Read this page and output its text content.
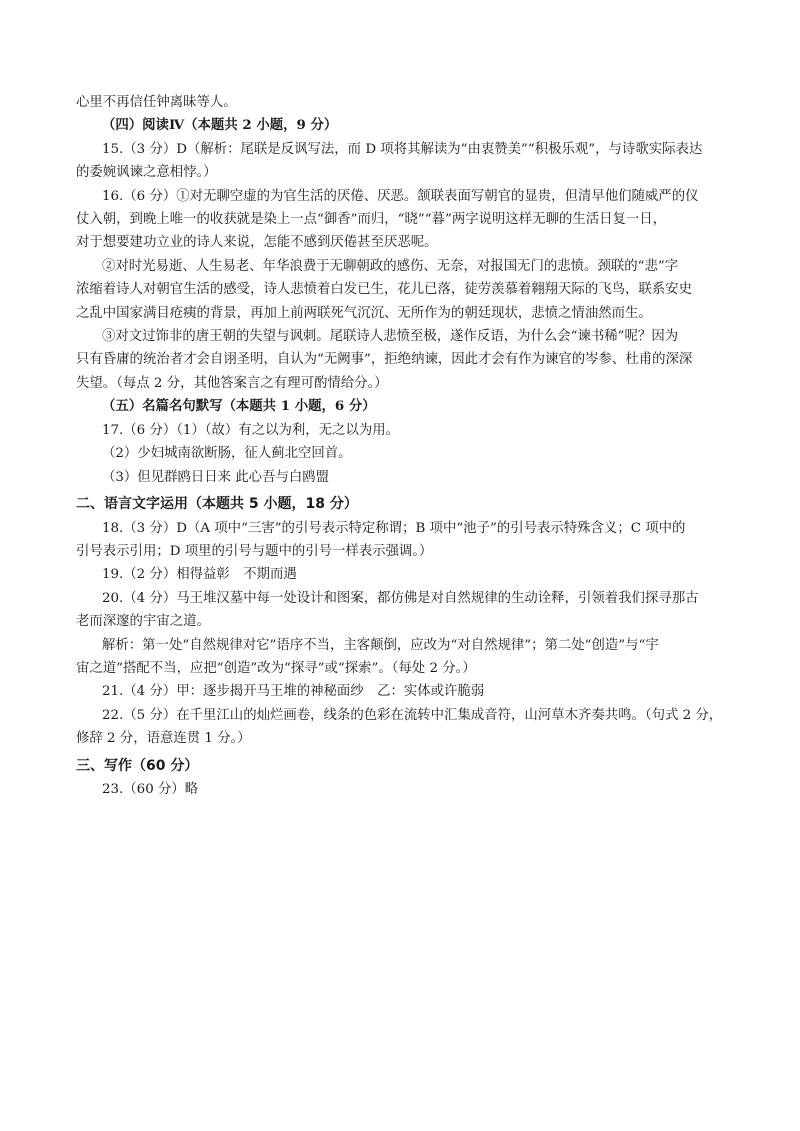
心里不再信任钟离昧等人。
（四）阅读Ⅳ（本题共 2 小题，9 分）
15.（3 分）D（解析：尾联是反讽写法，而 D 项将其解读为“由衷赞美”“积极乐观”，与诗歌实际表达
的委婉讽谏之意相悖。）
16.（6 分）①对无聊空虚的为官生活的厌倦、厌恶。颔联表面写朝官的显贵，但清早他们随威严的仪
仗入朝，到晚上唯一的收获就是染上一点“御香”而归，“晓”“暮”两字说明这样无聊的生活日复一日，
对于想要建功立业的诗人来说，怎能不感到厌倦甚至厌恶呢。
②对时光易逝、人生易老、年华浪费于无聊朝政的感伤、无奈，对报国无门的悲愤。颈联的“悲”字
浓缩着诗人对朝官生活的感受，诗人悲愤着白发已生，花儿已落，徒劳羡慕着翱翔天际的飞鸟，联系安史
之乱中国家满目疮痍的背景，再加上前两联死气沉沉、无所作为的朝廷现状，悲愤之情油然而生。
③对文过饰非的唐王朝的失望与讽刺。尾联诗人悲愤至极，遂作反语，为什么会“谏书稀”呢？因为
只有昏庸的统治者才会自诩圣明，自认为“无阙事”，拒绝纳谏，因此才会有作为谏官的岑参、杜甫的深深
失望。（每点 2 分，其他答案言之有理可酌情给分。）
（五）名篇名句默写（本题共 1 小题，6 分）
17.（6 分）（1）（故）有之以为利，无之以为用。
（2）少妇城南欲断肠，征人蓟北空回首。
（3）但见群鸥日日来 此心吾与白鸥盟
二、语言文字运用（本题共 5 小题，18 分）
18.（3 分）D（A 项中“三害”的引号表示特定称谓；B 项中“池子”的引号表示特殊含义；C 项中的
引号表示引用；D 项里的引号与题中的引号一样表示强调。）
19.（2 分）相得益彰　不期而遇
20.（4 分）马王堆汉墓中每一处设计和图案，都仿佛是对自然规律的生动诠释，引领着我们探寻那古
老而深邃的宇宙之道。
解析：第一处“自然规律对它”语序不当，主客颠倒，应改为“对自然规律”；第二处“创造”与“宇
宙之道”搭配不当，应把“创造”改为“探寻”或“探索”。（每处 2 分。）
21.（4 分）甲：逐步揭开马王堆的神秘面纱　乙：实体或许脆弱
22.（5 分）在千里江山的灿烂画卷，线条的色彩在流转中汇集成音符，山河草木齐奏共鸣。（句式 2 分，
修辞 2 分，语意连贯 1 分。）
三、写作（60 分）
23.（60 分）略
